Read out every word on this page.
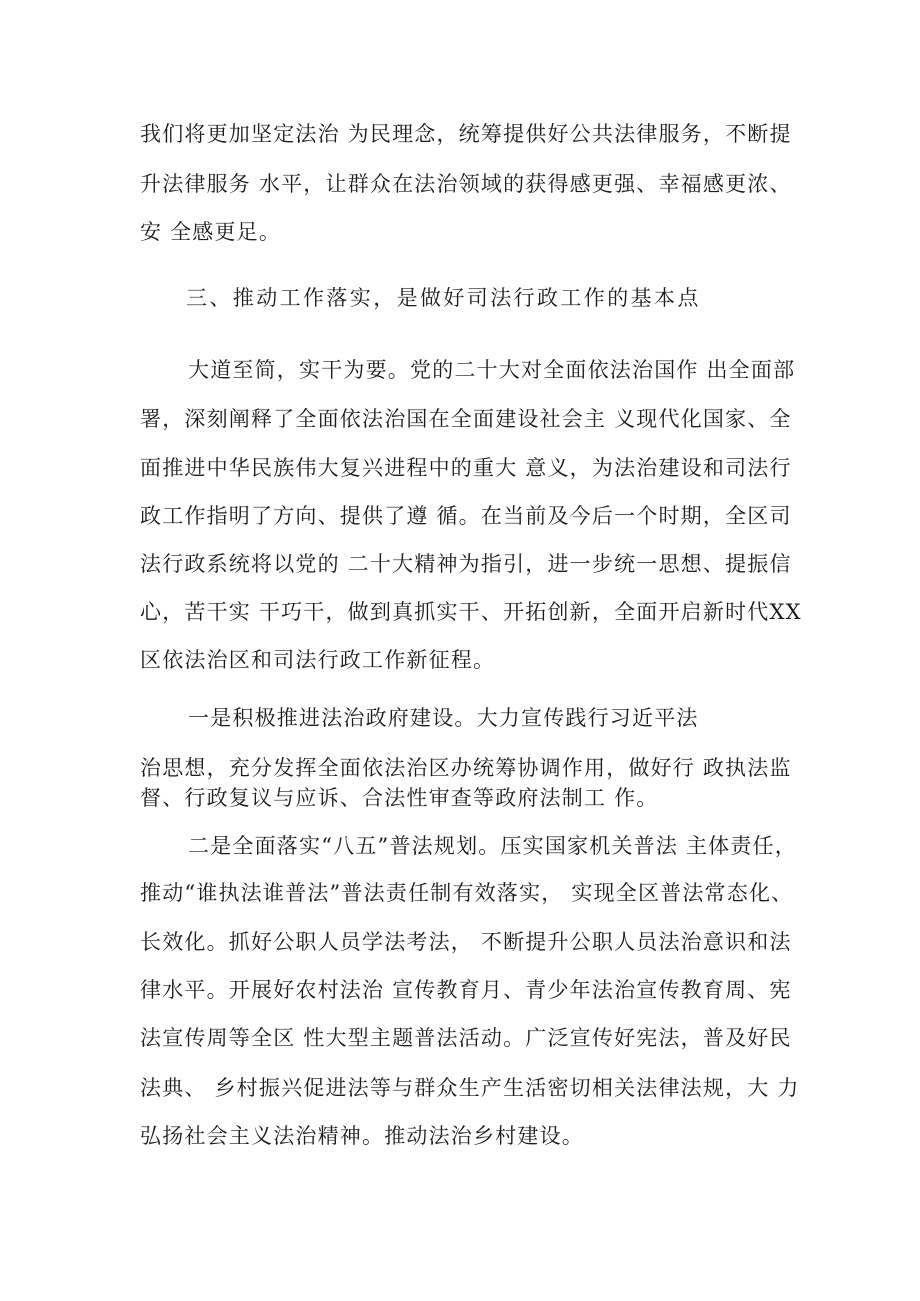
我们将更加坚定法治 为民理念，统筹提供好公共法律服务，不断提
升法律服务 水平，让群众在法治领域的获得感更强、幸福感更浓、
安 全感更足。
三、推动工作落实，是做好司法行政工作的基本点
大道至简，实干为要。党的二十大对全面依法治国作 出全面部
署，深刻阐释了全面依法治国在全面建设社会主 义现代化国家、全
面推进中华民族伟大复兴进程中的重大 意义，为法治建设和司法行
政工作指明了方向、提供了遵 循。在当前及今后一个时期，全区司
法行政系统将以党的 二十大精神为指引，进一步统一思想、提振信
心，苦干实 干巧干，做到真抓实干、开拓创新，全面开启新时代XX
区依法治区和司法行政工作新征程。
一是积极推进法治政府建设。大力宣传践行习近平法
治思想，充分发挥全面依法治区办统筹协调作用，做好行 政执法监
督、行政复议与应诉、合法性审查等政府法制工 作。
二是全面落实“八五”普法规划。压实国家机关普法 主体责任，
推动“谁执法谁普法”普法责任制有效落实， 实现全区普法常态化、
长效化。抓好公职人员学法考法， 不断提升公职人员法治意识和法
律水平。开展好农村法治 宣传教育月、青少年法治宣传教育周、宪
法宣传周等全区 性大型主题普法活动。广泛宣传好宪法，普及好民
法典、 乡村振兴促进法等与群众生产生活密切相关法律法规，大 力
弘扬社会主义法治精神。推动法治乡村建设。
